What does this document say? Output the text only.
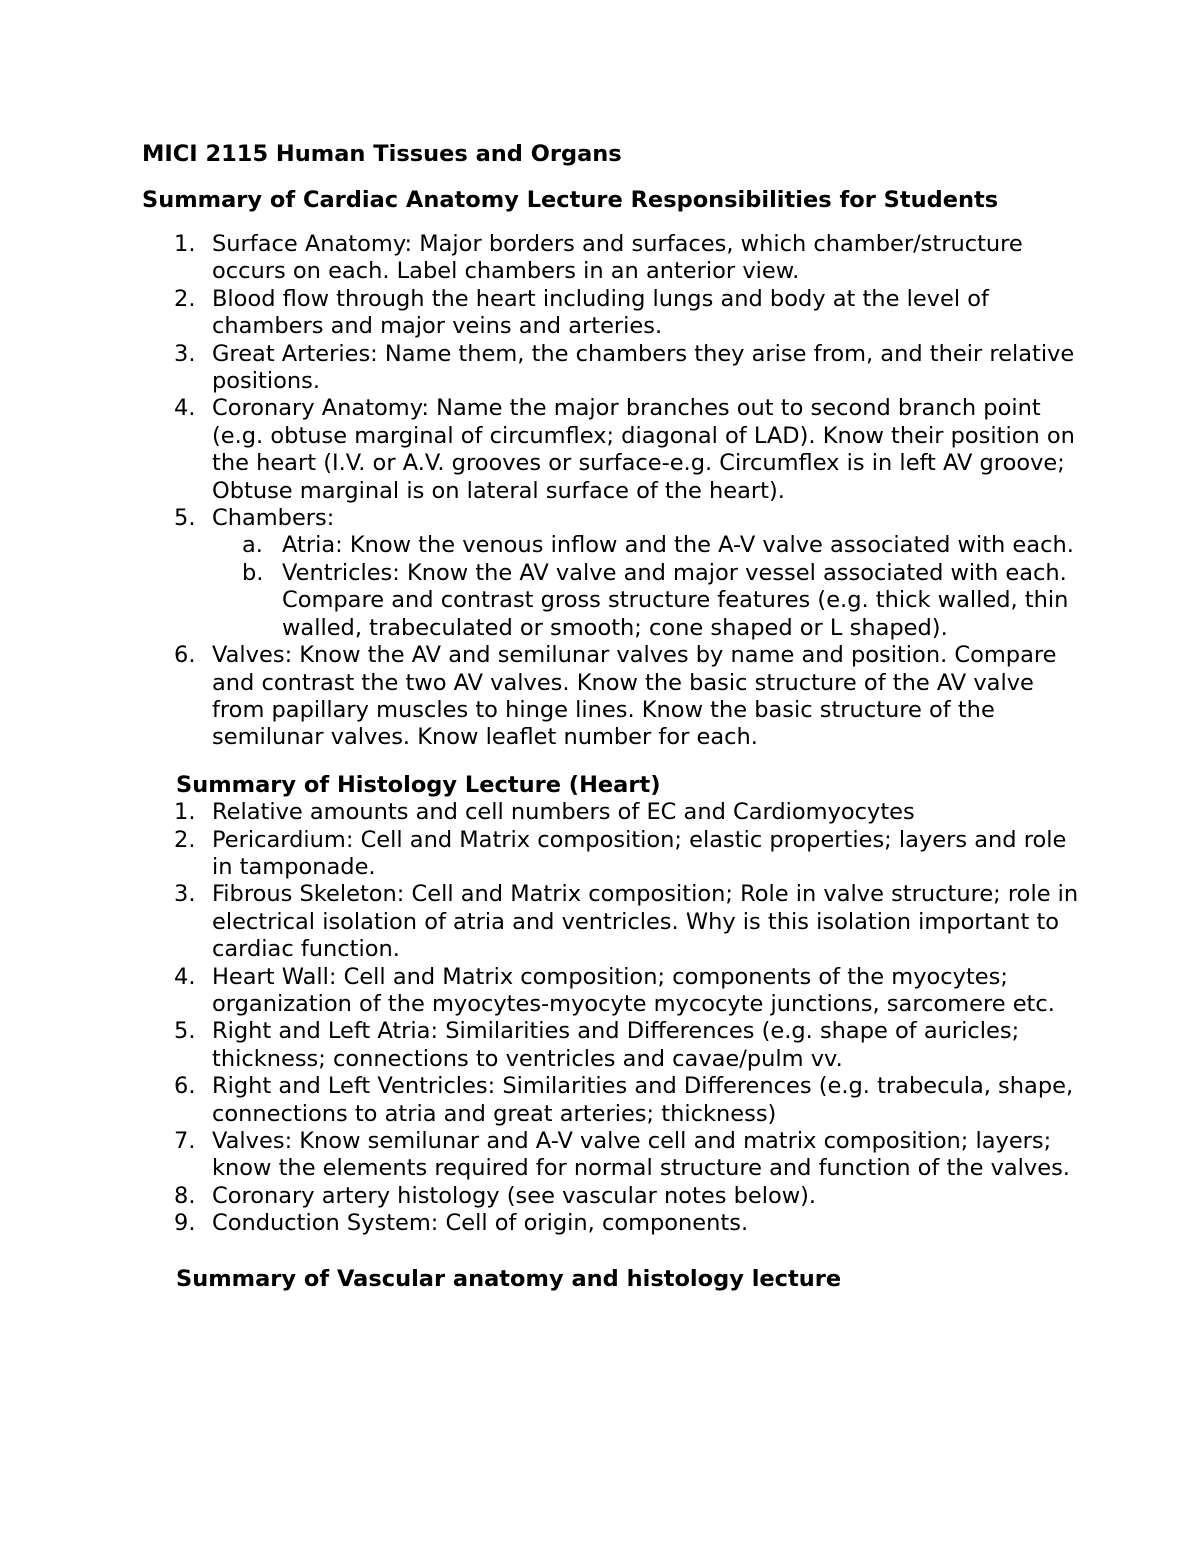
MICI 2115 Human Tissues and Organs

Summary of Cardiac Anatomy Lecture Responsibilities for Students

1. Surface Anatomy: Major borders and surfaces, which chamber/structure occurs on each. Label chambers in an anterior view.
2. Blood flow through the heart including lungs and body at the level of chambers and major veins and arteries.
3. Great Arteries: Name them, the chambers they arise from, and their relative positions.
4. Coronary Anatomy: Name the major branches out to second branch point (e.g. obtuse marginal of circumflex; diagonal of LAD). Know their position on the heart (I.V. or A.V. grooves or surface-e.g. Circumflex is in left AV groove; Obtuse marginal is on lateral surface of the heart).
5. Chambers:
a. Atria: Know the venous inflow and the A-V valve associated with each.
b. Ventricles: Know the AV valve and major vessel associated with each. Compare and contrast gross structure features (e.g. thick walled, thin walled, trabeculated or smooth; cone shaped or L shaped).
6. Valves: Know the AV and semilunar valves by name and position. Compare and contrast the two AV valves. Know the basic structure of the AV valve from papillary muscles to hinge lines. Know the basic structure of the semilunar valves. Know leaflet number for each.

Summary of Histology Lecture (Heart)

1. Relative amounts and cell numbers of EC and Cardiomyocytes
2. Pericardium: Cell and Matrix composition; elastic properties; layers and role in tamponade.
3. Fibrous Skeleton: Cell and Matrix composition; Role in valve structure; role in electrical isolation of atria and ventricles. Why is this isolation important to cardiac function.
4. Heart Wall: Cell and Matrix composition; components of the myocytes; organization of the myocytes-myocyte mycocyte junctions, sarcomere etc.
5. Right and Left Atria: Similarities and Differences (e.g. shape of auricles; thickness; connections to ventricles and cavae/pulm vv.
6. Right and Left Ventricles: Similarities and Differences (e.g. trabecula, shape, connections to atria and great arteries; thickness)
7. Valves: Know semilunar and A-V valve cell and matrix composition; layers; know the elements required for normal structure and function of the valves.
8. Coronary artery histology (see vascular notes below).
9. Conduction System: Cell of origin, components.

Summary of Vascular anatomy and histology lecture
